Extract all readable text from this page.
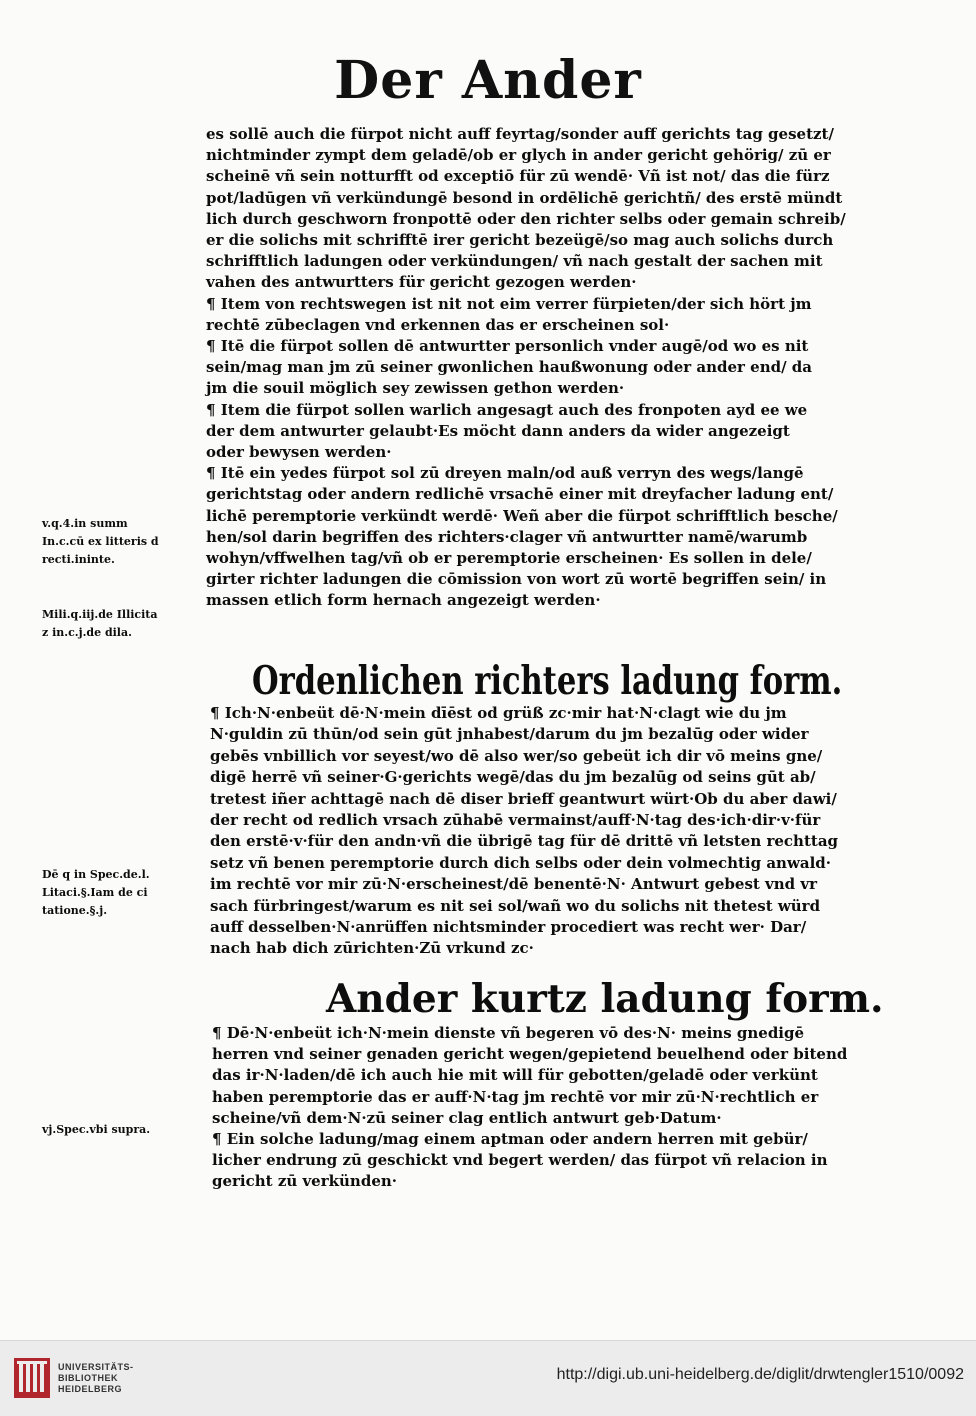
Der Ander
es sollē auch die fürpot nicht auff feyrtag/sonder auff gerichts tag gesetzt/
nichtminder zympt dem geladē/ob er glych in ander gericht gehörig/ zū er
scheinē vñ sein notturfft od exceptiō für zū wendē· Vñ ist not/ das die fürz
pot/ladūgen vñ verkündungē besond in ordēlichē gerichtñ/ des erstē mündt
lich durch geschworn fronpottē oder den richter selbs oder gemain schreib/
er die solichs mit schrifftē irer gericht bezeügē/so mag auch solichs durch
schrifftlich ladungen oder verkündungen/ vñ nach gestalt der sachen mit
vahen des antwurtters für gericht gezogen werden·
¶ Item von rechtswegen ist nit not eim verrer fürpieten/der sich hört jm
rechtē zūbeclagen vnd erkennen das er erscheinen sol·
¶ Itē die fürpot sollen dē antwurtter personlich vnder augē/od wo es nit
sein/mag man jm zū seiner gwonlichen haußwonung oder ander end/ da
jm die souil möglich sey zewissen gethon werden·
¶ Item die fürpot sollen warlich angesagt auch des fronpoten ayd ee we
der dem antwurter gelaubt·Es möcht dann anders da wider angezeigt
oder bewysen werden·
¶ Itē ein yedes fürpot sol zū dreyen maln/od auß verryn des wegs/langē
gerichtstag oder andern redlichē vrsachē einer mit dreyfacher ladung ent/
lichē peremptorie verkündt werdē· Weñ aber die fürpot schrifftlich besche/
hen/sol darin begriffen des richters·clager vñ antwurtter namē/warumb
wohyn/vffwelhen tag/vñ ob er peremptorie erscheinen· Es sollen in dele/
girter richter ladungen die cōmission von wort zū wortē begriffen sein/ in
massen etlich form hernach angezeigt werden·
Ordenlichen richters ladung form.
¶ Ich·N·enbeüt dē·N·mein dīēst od grüß zc·mir hat·N·clagt wie du jm
N·guldin zū thūn/od sein gūt jnhabest/darum du jm bezalūg oder wider
gebēs vnbillich vor seyest/wo dē also wer/so gebeüt ich dir vō meins gne/
digē herrē vñ seiner·G·gerichts wegē/das du jm bezalūg od seins gūt ab/
tretest iñer achttagē nach dē diser brieff geantwurt würt·Ob du aber dawi/
der recht od redlich vrsach zūhabē vermainst/auff·N·tag des·ich·dir·v·für
den erstē·v·für den andn·vñ die übrigē tag für dē drittē vñ letsten rechttag
setz vñ benen peremptorie durch dich selbs oder dein volmechtig anwald·
im rechtē vor mir zū·N·erscheinest/dē benentē·N· Antwurt gebest vnd vr
sach fürbringest/warum es nit sei sol/wañ wo du solichs nit thetest würd
auff desselben·N·anrüffen nichtsminder procediert was recht wer· Dar/
nach hab dich zūrichten·Zū vrkund zc·
Ander kurtz ladung form.
¶ Dē·N·enbeüt ich·N·mein dienste vñ begeren vō des·N· meins gnedigē
herren vnd seiner genaden gericht wegen/gepietend beuelhend oder bitend
das ir·N·laden/dē ich auch hie mit will für gebotten/geladē oder verkünt
haben peremptorie das er auff·N·tag jm rechtē vor mir zū·N·rechtlich er
scheine/vñ dem·N·zū seiner clag entlich antwurt geb·Datum·
¶ Ein solche ladung/mag einem aptman oder andern herren mit gebür/
licher endrung zū geschickt vnd begert werden/ das fürpot vñ relacion in
gericht zū verkünden·
v.q.4.in summ
In.c.cū ex litteris d
recti.ininte.
Mili.q.iij.de Illicita
z in.c.j.de dila.
Dē q in Spec.de.l.
Litaci.§.Iam de ci
tatione.§.j.
vj.Spec.vbi supra.
UNIVERSITÄTS-
BIBLIOTHEK
HEIDELBERG
http://digi.ub.uni-heidelberg.de/diglit/drwtengler1510/0092
